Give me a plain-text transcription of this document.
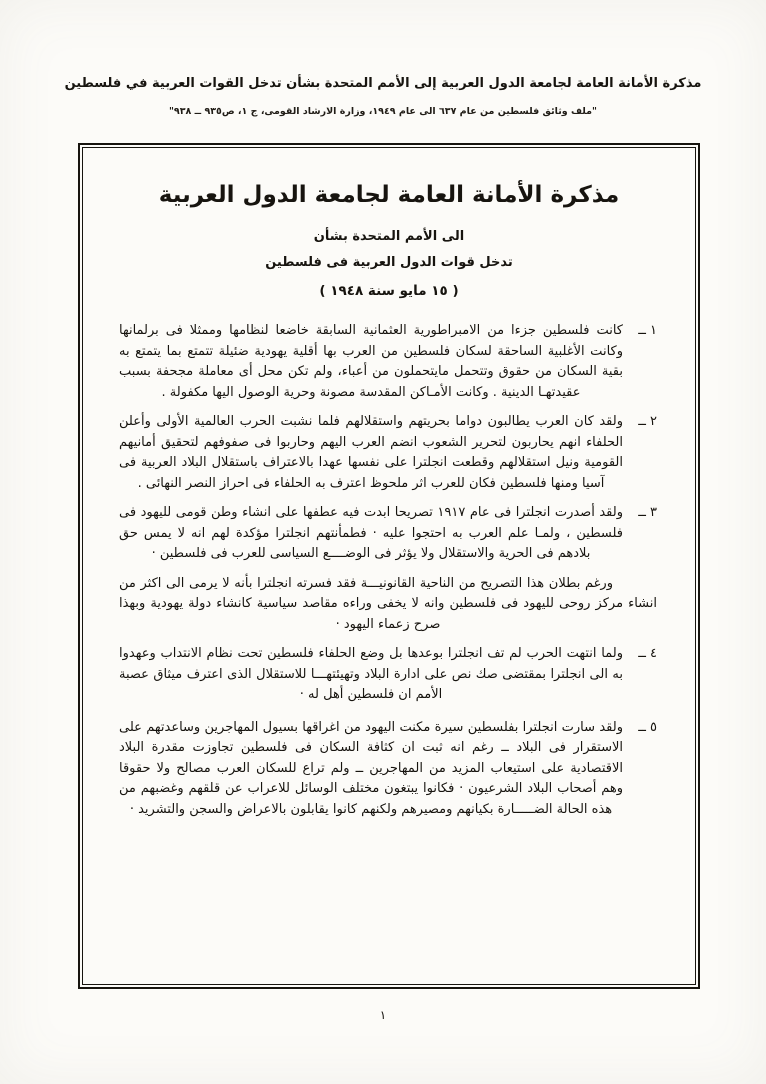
مذكرة الأمانة العامة لجامعة الدول العربية إلى الأمم المتحدة بشأن تدخل القوات العربية في فلسطين
"ملف وثائق فلسطين من عام ٦٣٧ الى عام ١٩٤٩، وزارة الارشاد القومى، ج ١، ص٩٣٥ ــ ٩٣٨"
مذكرة الأمانة العامة لجامعة الدول العربية
الى الأمم المتحدة بشأن
تدخل قوات الدول العربية فى فلسطين
( ١٥ مايو سنة ١٩٤٨ )
١ ــ
كانت فلسطين جزءا من الامبراطورية العثمانية السابقة خاضعا لنظامها وممثلا فى برلمانها وكانت الأغلبية الساحقة لسكان فلسطين من العرب بها أقلية يهودية ضئيلة تتمتع بما يتمتع به بقية السكان من حقوق وتتحمل مايتحملون من أعباء، ولم تكن محل أى معاملة مجحفة بسبب عقيدتهـا الدينية . وكانت الأمـاكن المقدسة مصونة وحرية الوصول اليها مكفولة .
٢ ــ
ولقد كان العرب يطالبون دواما بحريتهم واستقلالهم فلما نشبت الحرب العالمية الأولى وأعلن الحلفاء انهم يحاربون لتحرير الشعوب انضم العرب اليهم وحاربوا فى صفوفهم لتحقيق أمانيهم القومية ونيل استقلالهم وقطعت انجلترا على نفسها عهدا بالاعتراف باستقلال البلاد العربية فى آسيا ومنها فلسطين فكان للعرب اثر ملحوظ اعترف به الحلفاء فى احراز النصر النهائى .
٣ ــ
ولقد أصدرت انجلترا فى عام ١٩١٧ تصريحا ابدت فيه عطفها على انشاء وطن قومى لليهود فى فلسطين ، ولمـا علم العرب به احتجوا عليه · فطمأنتهم انجلترا مؤكدة لهم انه لا يمس حق بلادهم فى الحرية والاستقلال ولا يؤثر فى الوضــــع السياسى للعرب فى فلسطين ·
ورغم بطلان هذا التصريح من الناحية القانونيـــة فقد فسرته انجلترا بأنه لا يرمى الى اكثر من انشاء مركز روحى لليهود فى فلسطين وانه لا يخفى وراءه مقاصد سياسية كانشاء دولة يهودية وبهذا صرح زعماء اليهود ·
٤ ــ
ولما انتهت الحرب لم تف انجلترا بوعدها بل وضع الحلفاء فلسطين تحت نظام الانتداب وعهدوا به الى انجلترا بمقتضى صك نص على ادارة البلاد وتهيئتهـــا للاستقلال الذى اعترف ميثاق عصبة الأمم ان فلسطين أهل له ·
٥ ــ
ولقد سارت انجلترا بفلسطين سيرة مكنت اليهود من اغراقها بسيول المهاجرين وساعدتهم على الاستقرار فى البلاد ــ رغم انه ثبت ان كثافة السكان فى فلسطين تجاوزت مقدرة البلاد الاقتصادية على استيعاب المزيد من المهاجرين ــ ولم تراع للسكان العرب مصالح ولا حقوقا وهم أصحاب البلاد الشرعيون · فكانوا يبتغون مختلف الوسائل للاعراب عن قلقهم وغضبهم من هذه الحالة الضـــــارة بكيانهم ومصيرهم ولكنهم كانوا يقابلون بالاعراض والسجن والتشريد ·
١
